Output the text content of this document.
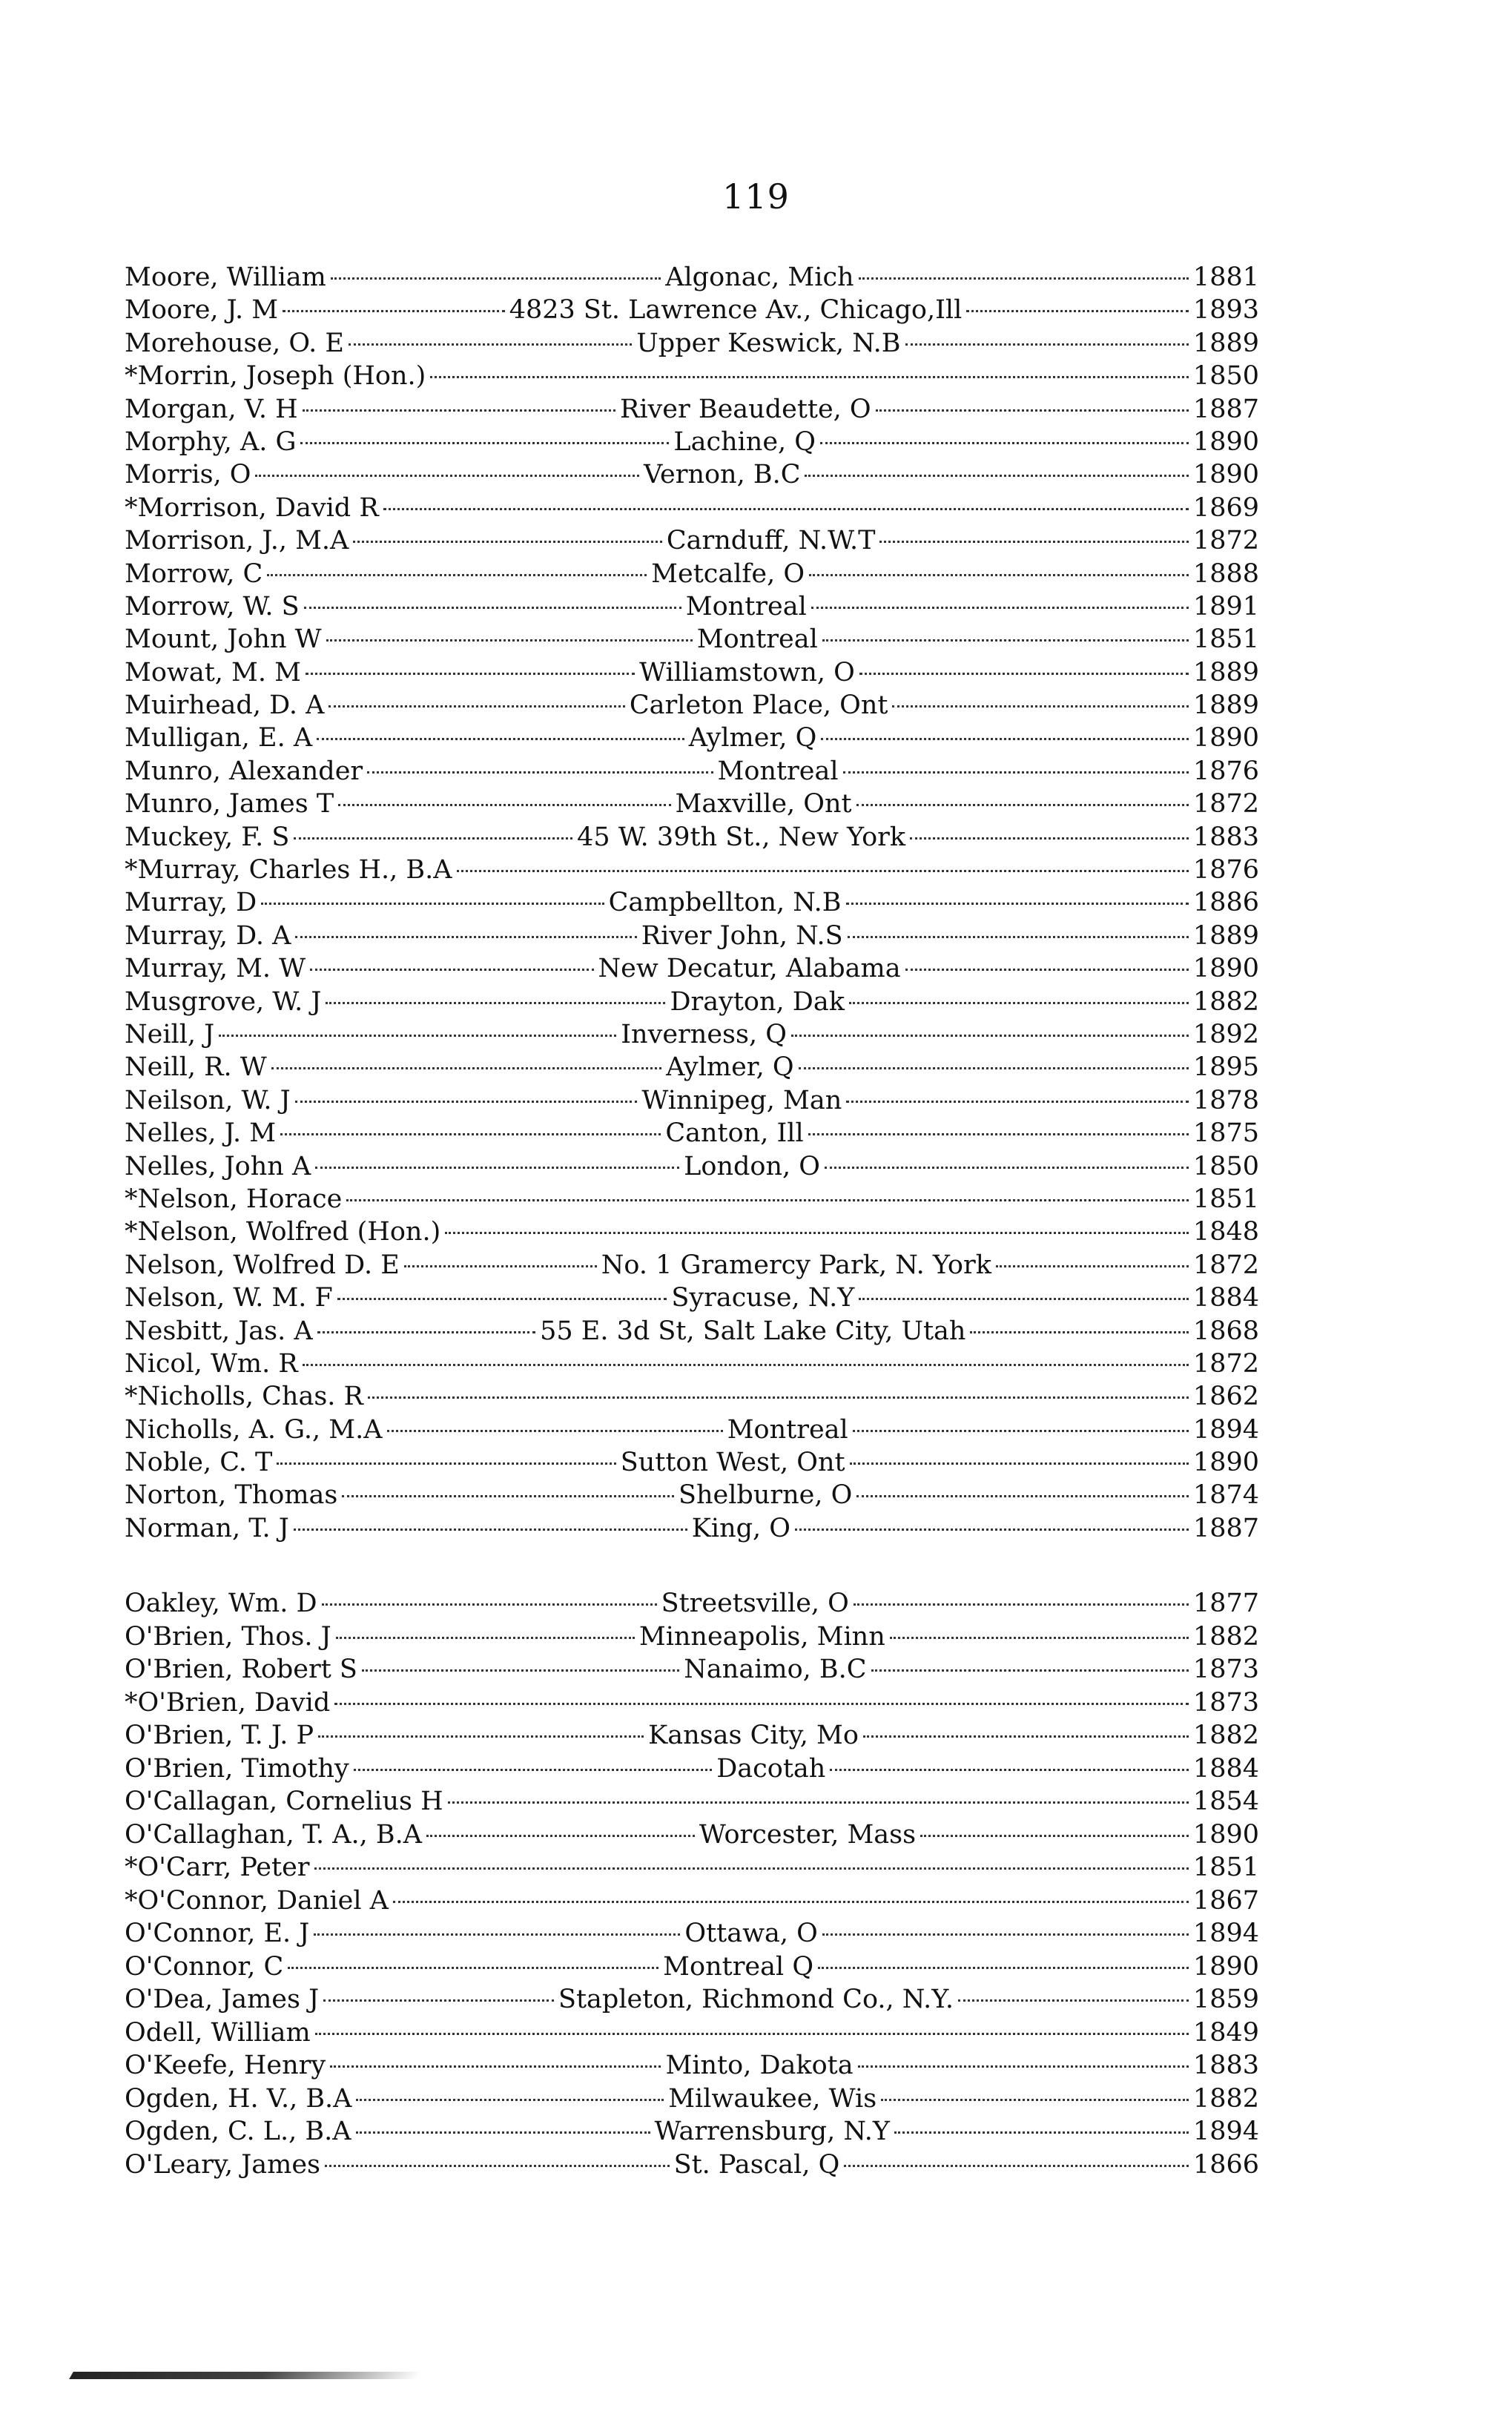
119
Moore, William	Algonac, Mich	1881
Moore, J. M	4823 St. Lawrence Av., Chicago,Ill	1893
Morehouse, O. E	Upper Keswick, N.B	1889
*Morrin, Joseph (Hon.)	1850
Morgan, V. H	River Beaudette, O	1887
Morphy, A. G	Lachine, Q	1890
Morris, O	Vernon, B.C	1890
*Morrison, David R	1869
Morrison, J., M.A	Carnduff, N.W.T	1872
Morrow, C	Metcalfe, O	1888
Morrow, W. S	Montreal	1891
Mount, John W	Montreal	1851
Mowat, M. M	Williamstown, O	1889
Muirhead, D. A	Carleton Place, Ont	1889
Mulligan, E. A	Aylmer, Q	1890
Munro, Alexander	Montreal	1876
Munro, James T	Maxville, Ont	1872
Muckey, F. S	45 W. 39th St., New York	1883
*Murray, Charles H., B.A	1876
Murray, D	Campbellton, N.B	1886
Murray, D. A	River John, N.S	1889
Murray, M. W	New Decatur, Alabama	1890
Musgrove, W. J	Drayton, Dak	1882
Neill, J	Inverness, Q	1892
Neill, R. W	Aylmer, Q	1895
Neilson, W. J	Winnipeg, Man	1878
Nelles, J. M	Canton, Ill	1875
Nelles, John A	London, O	1850
*Nelson, Horace	1851
*Nelson, Wolfred (Hon.)	1848
Nelson, Wolfred D. E	No. 1 Gramercy Park, N. York	1872
Nelson, W. M. F	Syracuse, N.Y	1884
Nesbitt, Jas. A	55 E. 3d St, Salt Lake City, Utah	1868
Nicol, Wm. R	1872
*Nicholls, Chas. R	1862
Nicholls, A. G., M.A	Montreal	1894
Noble, C. T	Sutton West, Ont	1890
Norton, Thomas	Shelburne, O	1874
Norman, T. J	King, O	1887
Oakley, Wm. D	Streetsville, O	1877
O'Brien, Thos. J	Minneapolis, Minn	1882
O'Brien, Robert S	Nanaimo, B.C	1873
*O'Brien, David	1873
O'Brien, T. J. P	Kansas City, Mo	1882
O'Brien, Timothy	Dacotah	1884
O'Callagan, Cornelius H	1854
O'Callaghan, T. A., B.A	Worcester, Mass	1890
*O'Carr, Peter	1851
*O'Connor, Daniel A	1867
O'Connor, E. J	Ottawa, O	1894
O'Connor, C	Montreal Q	1890
O'Dea, James J	Stapleton, Richmond Co., N.Y.	1859
Odell, William	1849
O'Keefe, Henry	Minto, Dakota	1883
Ogden, H. V., B.A	Milwaukee, Wis	1882
Ogden, C. L., B.A	Warrensburg, N.Y	1894
O'Leary, James	St. Pascal, Q	1866
